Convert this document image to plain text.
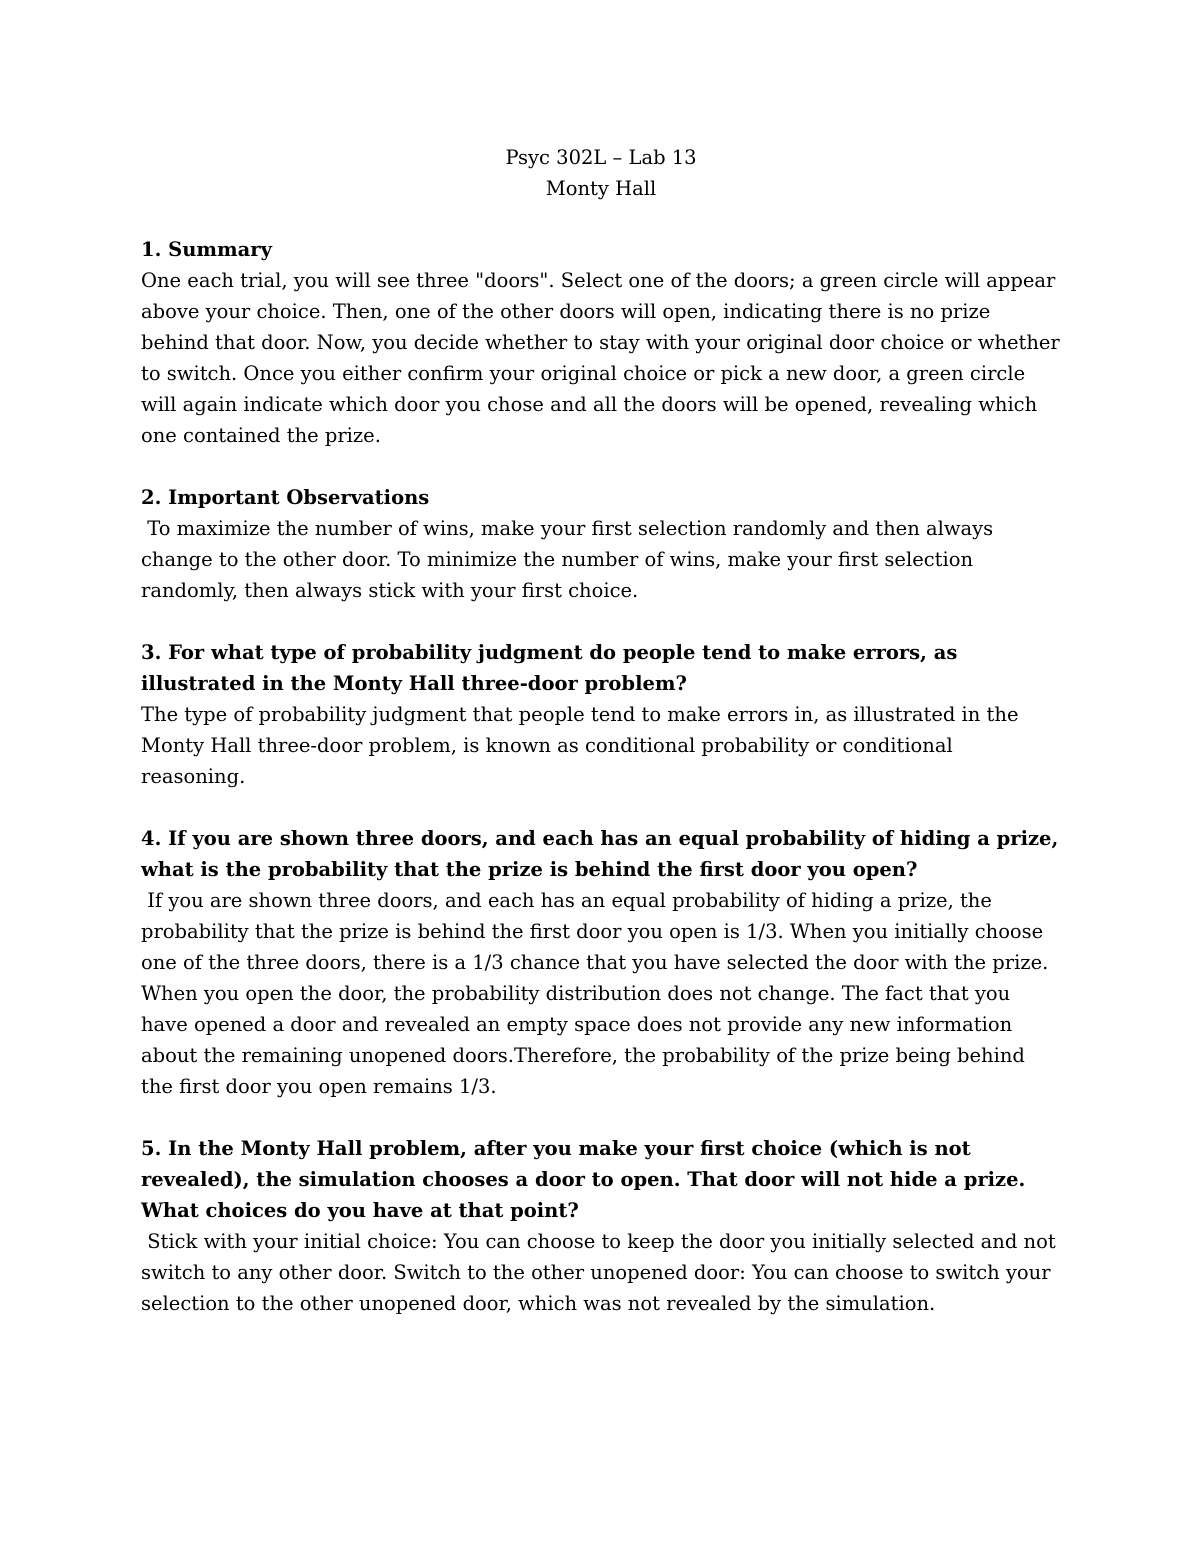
Psyc 302L – Lab 13
Monty Hall
1. Summary
One each trial, you will see three "doors". Select one of the doors; a green circle will appear above your choice. Then, one of the other doors will open, indicating there is no prize behind that door. Now, you decide whether to stay with your original door choice or whether to switch. Once you either confirm your original choice or pick a new door, a green circle will again indicate which door you chose and all the doors will be opened, revealing which one contained the prize.
2. Important Observations
To maximize the number of wins, make your first selection randomly and then always change to the other door. To minimize the number of wins, make your first selection randomly, then always stick with your first choice.
3. For what type of probability judgment do people tend to make errors, as illustrated in the Monty Hall three-door problem?
The type of probability judgment that people tend to make errors in, as illustrated in the Monty Hall three-door problem, is known as conditional probability or conditional reasoning.
4. If you are shown three doors, and each has an equal probability of hiding a prize, what is the probability that the prize is behind the first door you open?
If you are shown three doors, and each has an equal probability of hiding a prize, the probability that the prize is behind the first door you open is 1/3. When you initially choose one of the three doors, there is a 1/3 chance that you have selected the door with the prize. When you open the door, the probability distribution does not change. The fact that you have opened a door and revealed an empty space does not provide any new information about the remaining unopened doors.Therefore, the probability of the prize being behind the first door you open remains 1/3.
5. In the Monty Hall problem, after you make your first choice (which is not revealed), the simulation chooses a door to open. That door will not hide a prize. What choices do you have at that point?
Stick with your initial choice: You can choose to keep the door you initially selected and not switch to any other door. Switch to the other unopened door: You can choose to switch your selection to the other unopened door, which was not revealed by the simulation.
